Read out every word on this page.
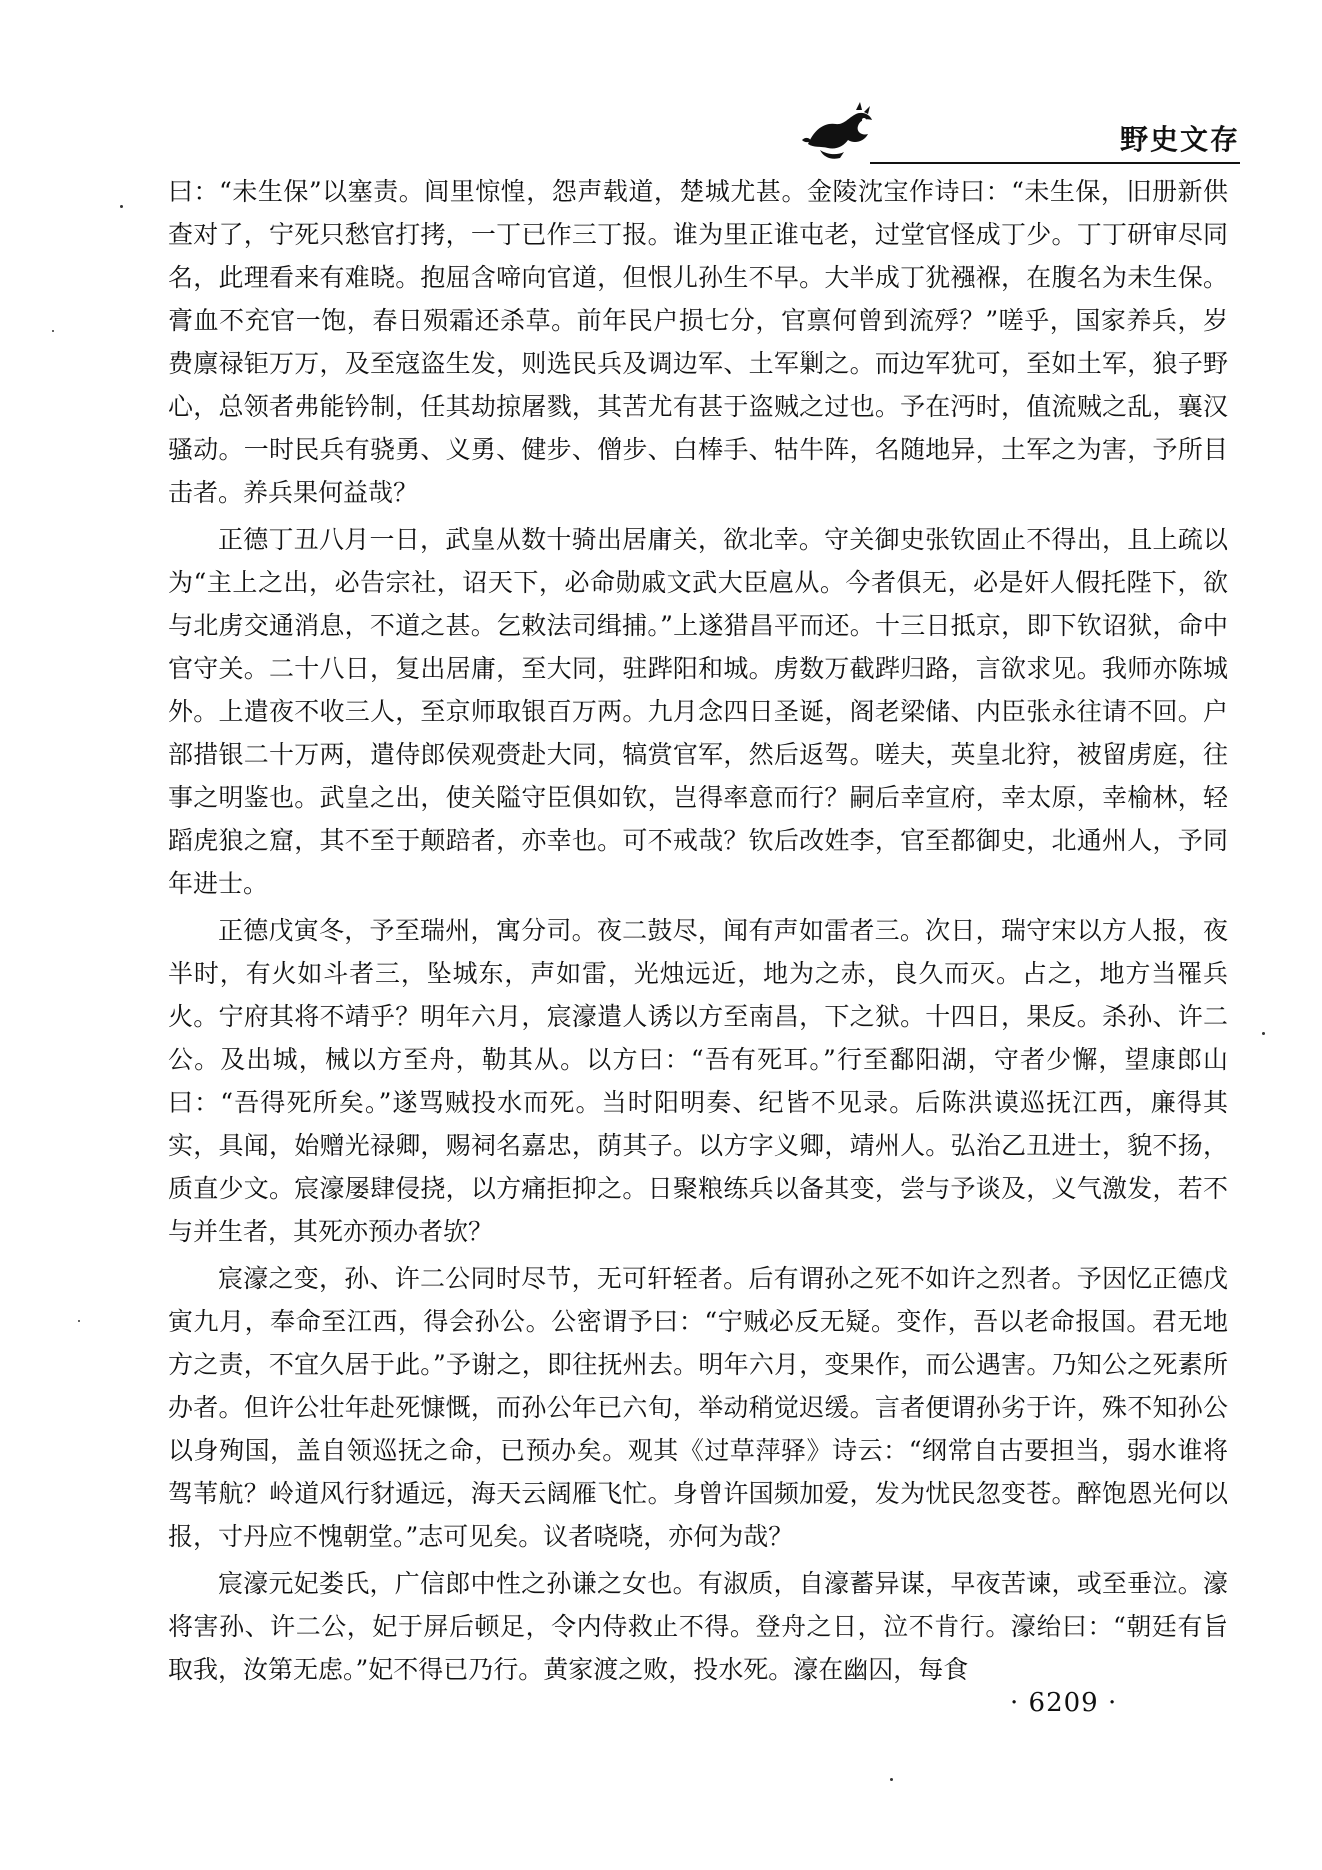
野史文存

曰：“未生保”以塞责。闾里惊惶，怨声载道，楚城尤甚。金陵沈宝作诗曰：“未生保，旧册新供查对了，宁死只愁官打拷，一丁已作三丁报。谁为里正谁屯老，过堂官怪成丁少。丁丁研审尽同名，此理看来有难晓。抱屈含啼向官道，但恨儿孙生不早。大半成丁犹襁褓，在腹名为未生保。膏血不充官一饱，春日殒霜还杀草。前年民户损七分，官禀何曾到流殍？”嗟乎，国家养兵，岁费廪禄钜万万，及至寇盗生发，则选民兵及调边军、土军剿之。而边军犹可，至如土军，狼子野心，总领者弗能钤制，任其劫掠屠戮，其苦尤有甚于盗贼之过也。予在沔时，值流贼之乱，襄汉骚动。一时民兵有骁勇、义勇、健步、僧步、白棒手、牯牛阵，名随地异，土军之为害，予所目击者。养兵果何益哉？

正德丁丑八月一日，武皇从数十骑出居庸关，欲北幸。守关御史张钦固止不得出，且上疏以为“主上之出，必告宗社，诏天下，必命勋戚文武大臣扈从。今者俱无，必是奸人假托陛下，欲与北虏交通消息，不道之甚。乞敕法司缉捕。”上遂猎昌平而还。十三日抵京，即下钦诏狱，命中官守关。二十八日，复出居庸，至大同，驻跸阳和城。虏数万截跸归路，言欲求见。我师亦陈城外。上遣夜不收三人，至京师取银百万两。九月念四日圣诞，阁老梁储、内臣张永往请不回。户部措银二十万两，遣侍郎侯观赍赴大同，犒赏官军，然后返驾。嗟夫，英皇北狩，被留虏庭，往事之明鉴也。武皇之出，使关隘守臣俱如钦，岂得率意而行？嗣后幸宣府，幸太原，幸榆林，轻蹈虎狼之窟，其不至于颠踣者，亦幸也。可不戒哉？钦后改姓李，官至都御史，北通州人，予同年进士。

正德戊寅冬，予至瑞州，寓分司。夜二鼓尽，闻有声如雷者三。次日，瑞守宋以方人报，夜半时，有火如斗者三，坠城东，声如雷，光烛远近，地为之赤，良久而灭。占之，地方当罹兵火。宁府其将不靖乎？明年六月，宸濠遣人诱以方至南昌，下之狱。十四日，果反。杀孙、许二公。及出城，械以方至舟，勒其从。以方曰：“吾有死耳。”行至鄱阳湖，守者少懈，望康郎山曰：“吾得死所矣。”遂骂贼投水而死。当时阳明奏、纪皆不见录。后陈洪谟巡抚江西，廉得其实，具闻，始赠光禄卿，赐祠名嘉忠，荫其子。以方字义卿，靖州人。弘治乙丑进士，貌不扬，质直少文。宸濠屡肆侵挠，以方痛拒抑之。日聚粮练兵以备其变，尝与予谈及，义气激发，若不与并生者，其死亦预办者欤？

宸濠之变，孙、许二公同时尽节，无可轩轾者。后有谓孙之死不如许之烈者。予因忆正德戊寅九月，奉命至江西，得会孙公。公密谓予曰：“宁贼必反无疑。变作，吾以老命报国。君无地方之责，不宜久居于此。”予谢之，即往抚州去。明年六月，变果作，而公遇害。乃知公之死素所办者。但许公壮年赴死慷慨，而孙公年已六旬，举动稍觉迟缓。言者便谓孙劣于许，殊不知孙公以身殉国，盖自领巡抚之命，已预办矣。观其《过草萍驿》诗云：“纲常自古要担当，弱水谁将驾苇航？岭道风行豺遁远，海天云阔雁飞忙。身曾许国频加爱，发为忧民忽变苍。醉饱恩光何以报，寸丹应不愧朝堂。”志可见矣。议者哓哓，亦何为哉？

宸濠元妃娄氏，广信郎中性之孙谦之女也。有淑质，自濠蓄异谋，早夜苦谏，或至垂泣。濠将害孙、许二公，妃于屏后顿足，令内侍救止不得。登舟之日，泣不肯行。濠绐曰：“朝廷有旨取我，汝第无虑。”妃不得已乃行。黄家渡之败，投水死。濠在幽囚，每食

· 6209 ·
